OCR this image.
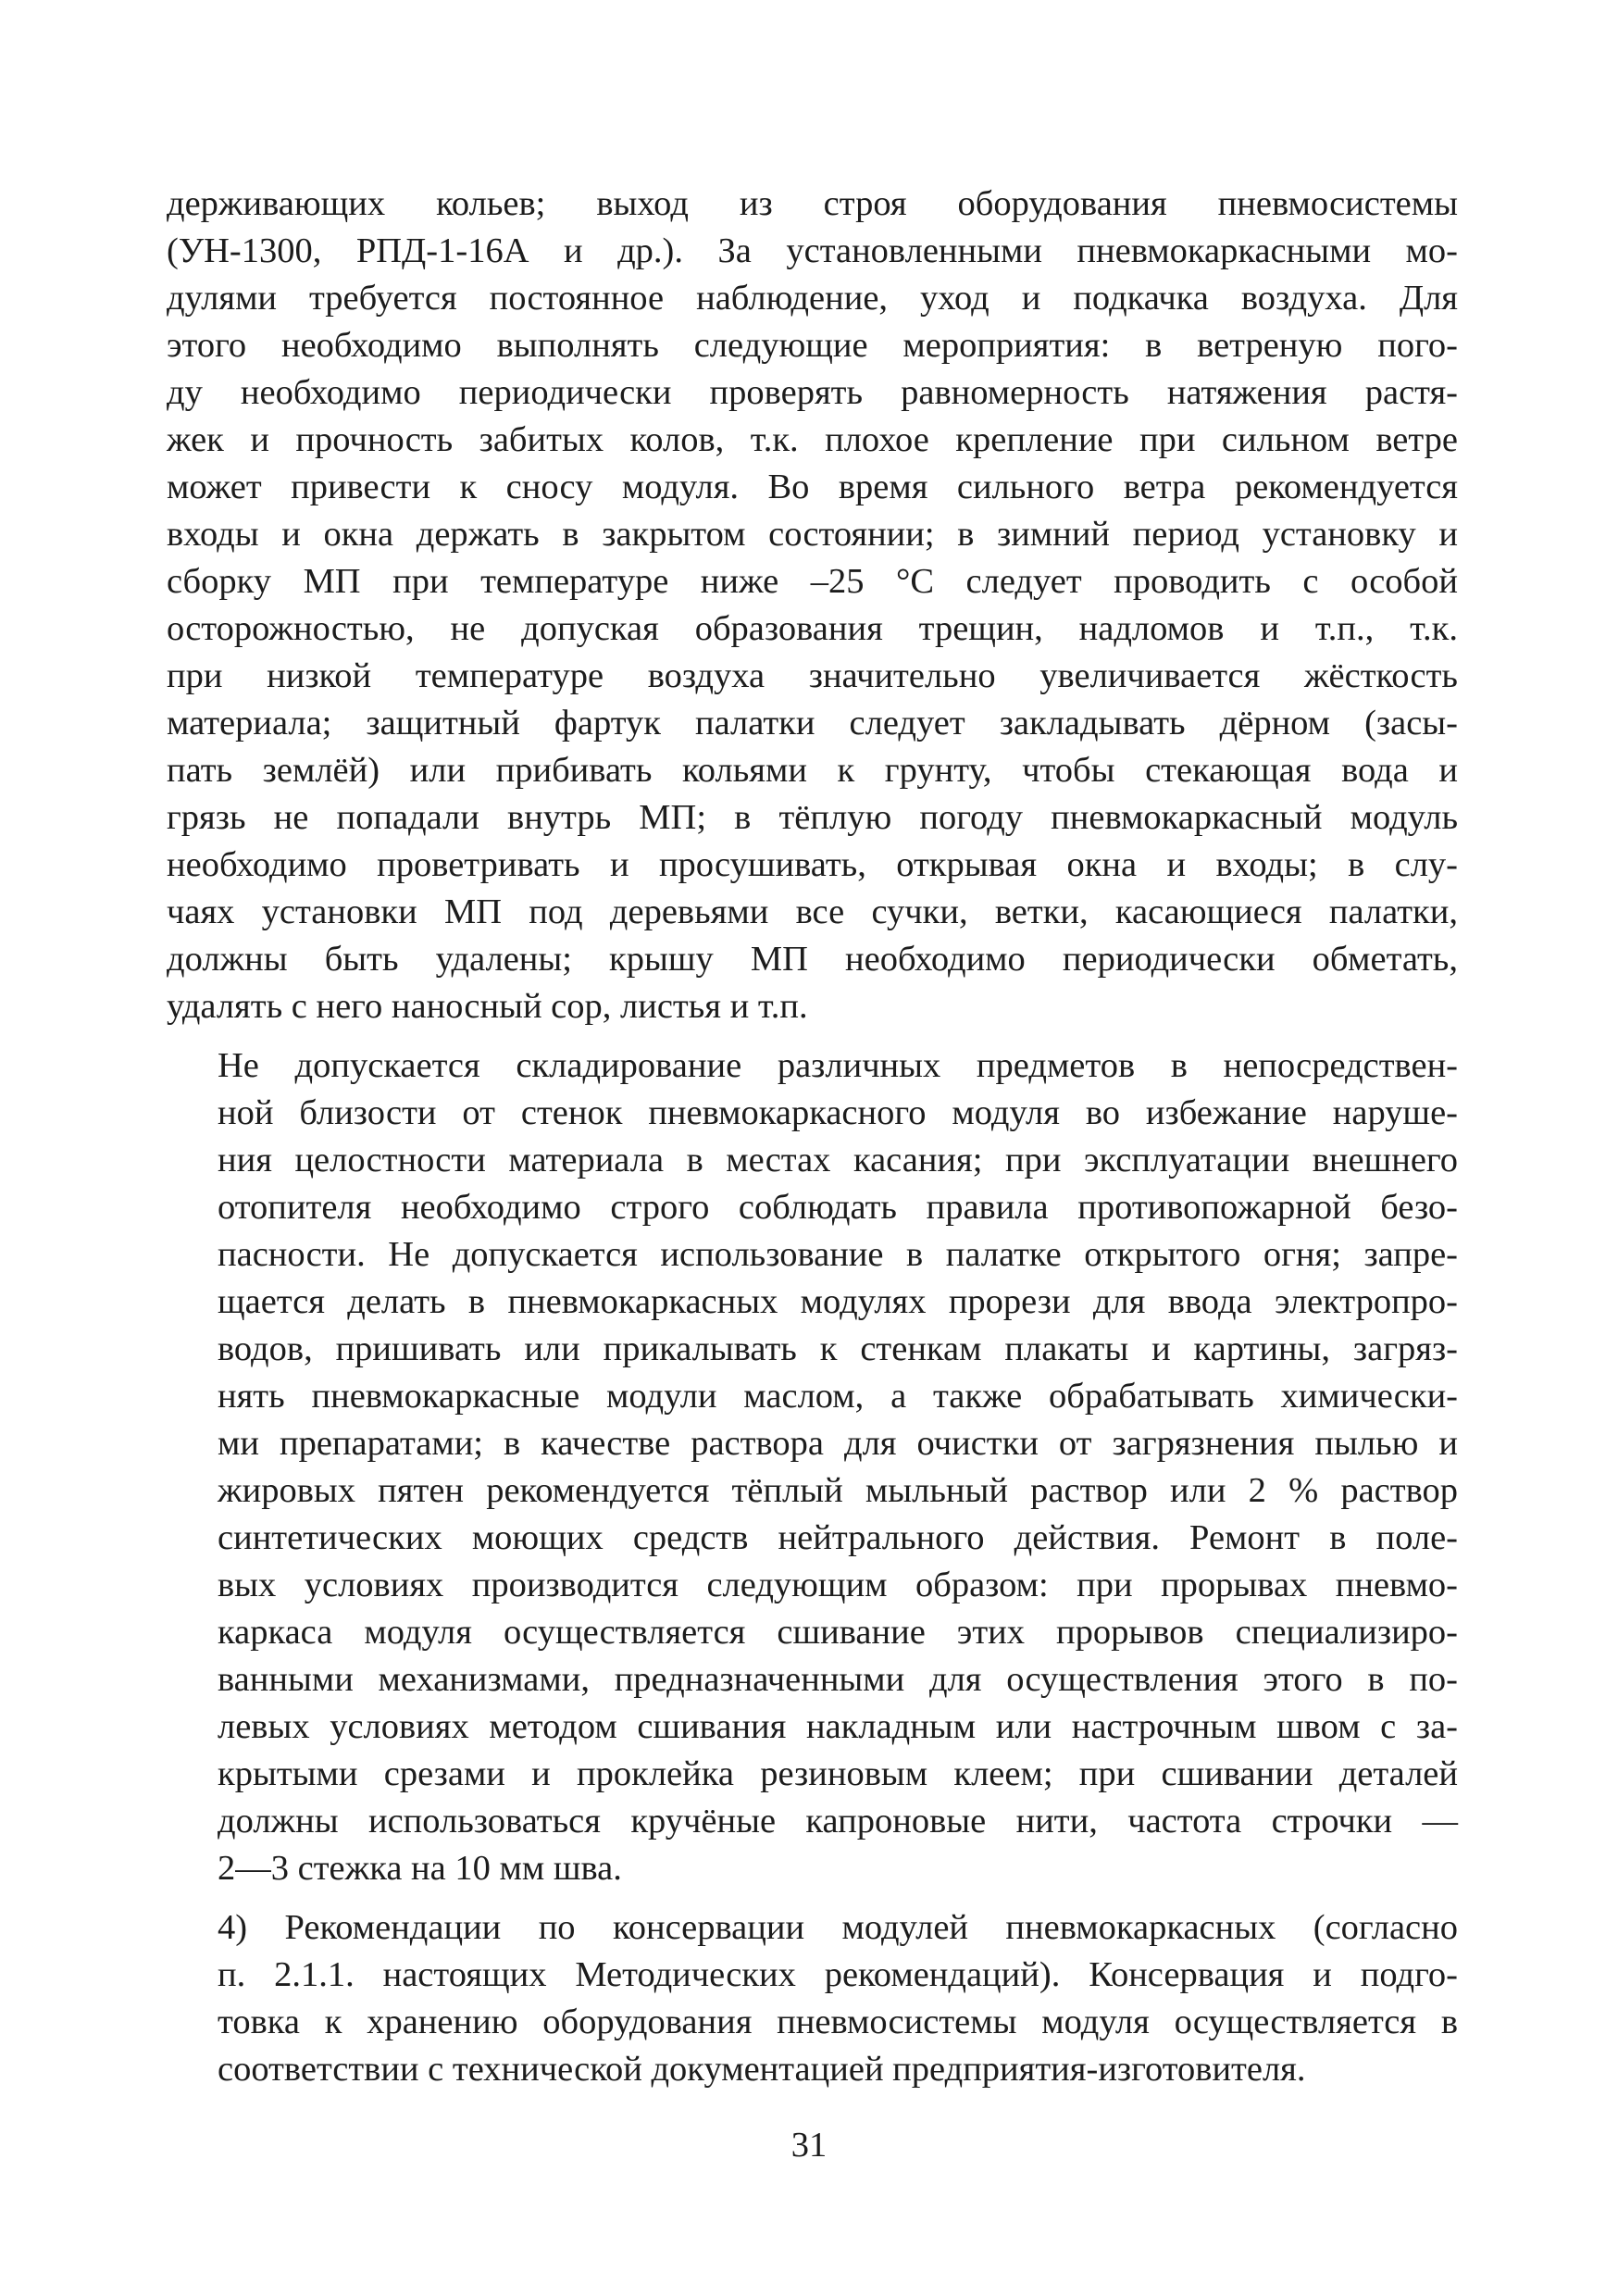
держивающих кольев; выход из строя оборудования пневмосистемы
(УН-1300, РПД-1-16А и др.). За установленными пневмокаркасными мо-
дулями требуется постоянное наблюдение, уход и подкачка воздуха. Для
этого необходимо выполнять следующие мероприятия: в ветреную пого-
ду необходимо периодически проверять равномерность натяжения растя-
жек и прочность забитых колов, т.к. плохое крепление при сильном ветре
может привести к сносу модуля. Во время сильного ветра рекомендуется
входы и окна держать в закрытом состоянии; в зимний период установку и
сборку МП при температуре ниже –25 °С следует проводить с особой
осторожностью, не допуская образования трещин, надломов и т.п., т.к.
при низкой температуре воздуха значительно увеличивается жёсткость
материала; защитный фартук палатки следует закладывать дёрном (засы-
пать землёй) или прибивать кольями к грунту, чтобы стекающая вода и
грязь не попадали внутрь МП; в тёплую погоду пневмокаркасный модуль
необходимо проветривать и просушивать, открывая окна и входы; в слу-
чаях установки МП под деревьями все сучки, ветки, касающиеся палатки,
должны быть удалены; крышу МП необходимо периодически обметать,
удалять с него наносный сор, листья и т.п.
Не допускается складирование различных предметов в непосредствен-
ной близости от стенок пневмокаркасного модуля во избежание наруше-
ния целостности материала в местах касания; при эксплуатации внешнего
отопителя необходимо строго соблюдать правила противопожарной безо-
пасности. Не допускается использование в палатке открытого огня; запре-
щается делать в пневмокаркасных модулях прорези для ввода электропро-
водов, пришивать или прикалывать к стенкам плакаты и картины, загряз-
нять пневмокаркасные модули маслом, а также обрабатывать химически-
ми препаратами; в качестве раствора для очистки от загрязнения пылью и
жировых пятен рекомендуется тёплый мыльный раствор или 2 % раствор
синтетических моющих средств нейтрального действия. Ремонт в поле-
вых условиях производится следующим образом: при прорывах пневмо-
каркаса модуля осуществляется сшивание этих прорывов специализиро-
ванными механизмами, предназначенными для осуществления этого в по-
левых условиях методом сшивания накладным или настрочным швом с за-
крытыми срезами и проклейка резиновым клеем; при сшивании деталей
должны использоваться кручёные капроновые нити, частота строчки —
2—3 стежка на 10 мм шва.
4) Рекомендации по консервации модулей пневмокаркасных (согласно
п. 2.1.1. настоящих Методических рекомендаций). Консервация и подго-
товка к хранению оборудования пневмосистемы модуля осуществляется в
соответствии с технической документацией предприятия-изготовителя.
31
